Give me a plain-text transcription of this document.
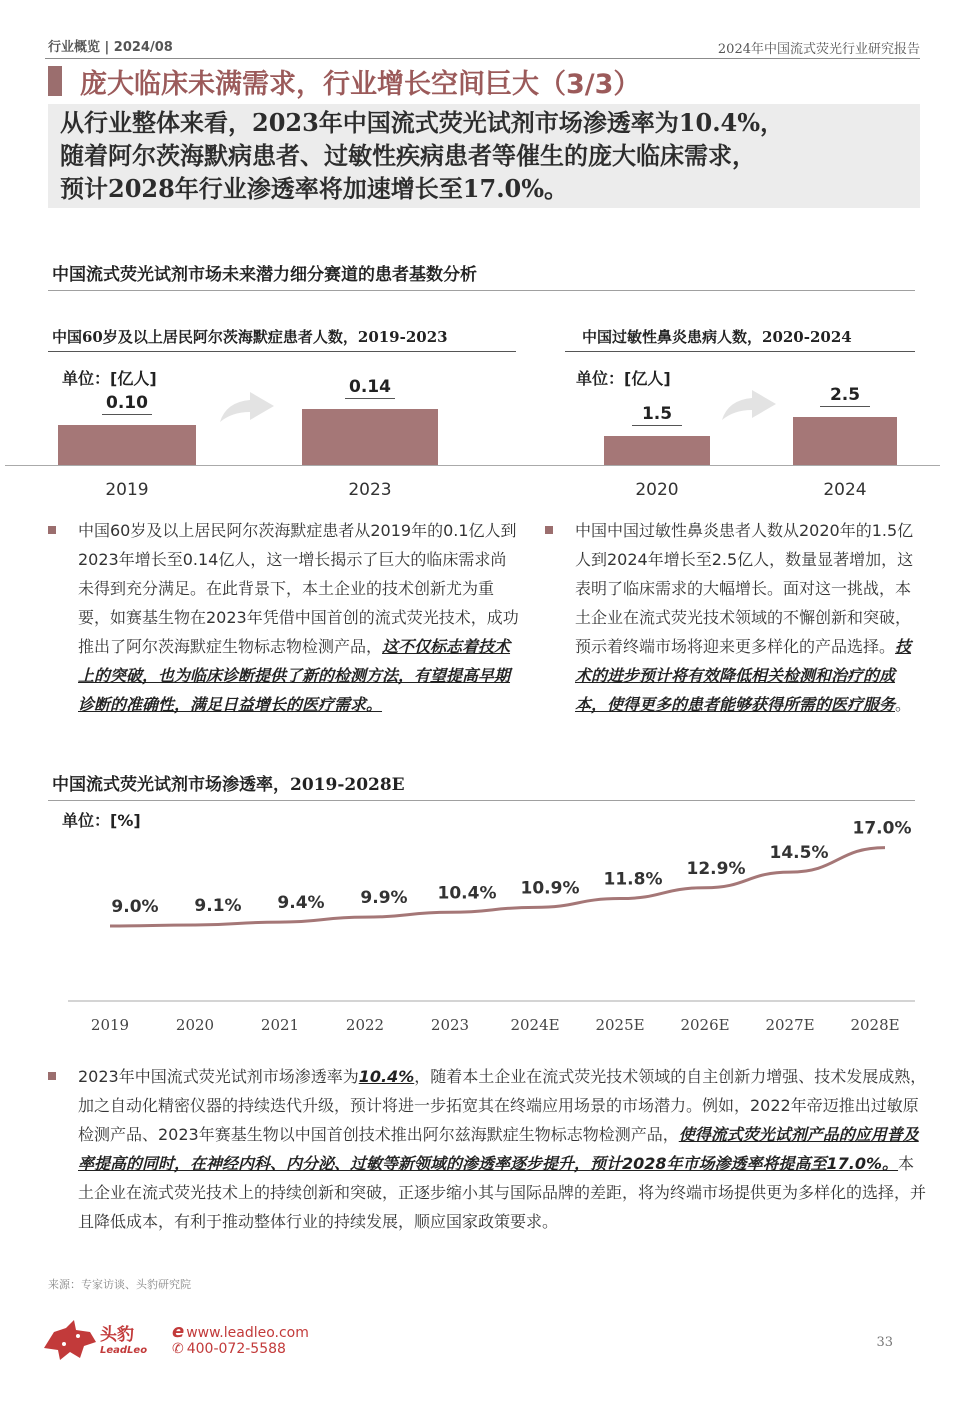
行业概览 | 2024/08	2024年中国流式荧光行业研究报告
庞大临床未满需求，行业增长空间巨大（3/3）

从行业整体来看，2023年中国流式荧光试剂市场渗透率为10.4%，

随着阿尔茨海默病患者、过敏性疾病患者等催生的庞大临床需求，

预计2028年行业渗透率将加速增长至17.0%。

中国流式荧光试剂市场未来潜力细分赛道的患者基数分析
中国60岁及以上居民阿尔茨海默症患者人数，2019-2023
单位：[亿人]
中国过敏性鼻炎患病人数，2020-2024
单位：[亿人]
中国60岁及以上居民阿尔茨海默症患者从2019年的0.1亿人到2023年增长至0.14亿人，这一增长揭示了巨大的临床需求尚未得到充分满足。在此背景下，本土企业的技术创新尤为重要，如赛基生物在2023年凭借中国首创的流式荧光技术，成功推出了阿尔茨海默症生物标志物检测产品，这不仅标志着技术上的突破，也为临床诊断提供了新的检测方法，有望提高早期诊断的准确性，满足日益增长的医疗需求。
中国中国过敏性鼻炎患者人数从2020年的1.5亿人到2024年增长至2.5亿人，数量显著增加，这表明了临床需求的大幅增长。面对这一挑战，本土企业在流式荧光技术领域的不懈创新和突破，预示着终端市场将迎来更多样化的产品选择。技术的进步预计将有效降低相关检测和治疗的成本，使得更多的患者能够获得所需的医疗服务。
中国流式荧光试剂市场渗透率，2019-2028E
单位：[%]
9.0%
2019
9.1%
2020
9.4%
2021
9.9%
2022
10.4%
2023
10.9%
2024E
11.8%
2025E
12.9%
2026E
14.5%
2027E
17.0%
2028E
2023年中国流式荧光试剂市场渗透率为10.4%，随着本土企业在流式荧光技术领域的自主创新力增强、技术发展成熟，加之自动化精密仪器的持续迭代升级，预计将进一步拓宽其在终端应用场景的市场潜力。例如，2022年帝迈推出过敏原检测产品、2023年赛基生物以中国首创技术推出阿尔兹海默症生物标志物检测产品，使得流式荧光试剂产品的应用普及率提高的同时，在神经内科、内分泌、过敏等新领域的渗透率逐步提升，预计2028年市场渗透率将提高至17.0%。本土企业在流式荧光技术上的持续创新和突破，正逐步缩小其与国际品牌的差距，将为终端市场提供更为多样化的选择，并且降低成本，有利于推动整体行业的持续发展，顺应国家政策要求。
来源：专家访谈、头豹研究院
头豹
LeadLeo
e www.leadleo.com
✆ 400-072-5588	33
0.10
2019
0.14
2023
1.5
2020
2.5
2024
